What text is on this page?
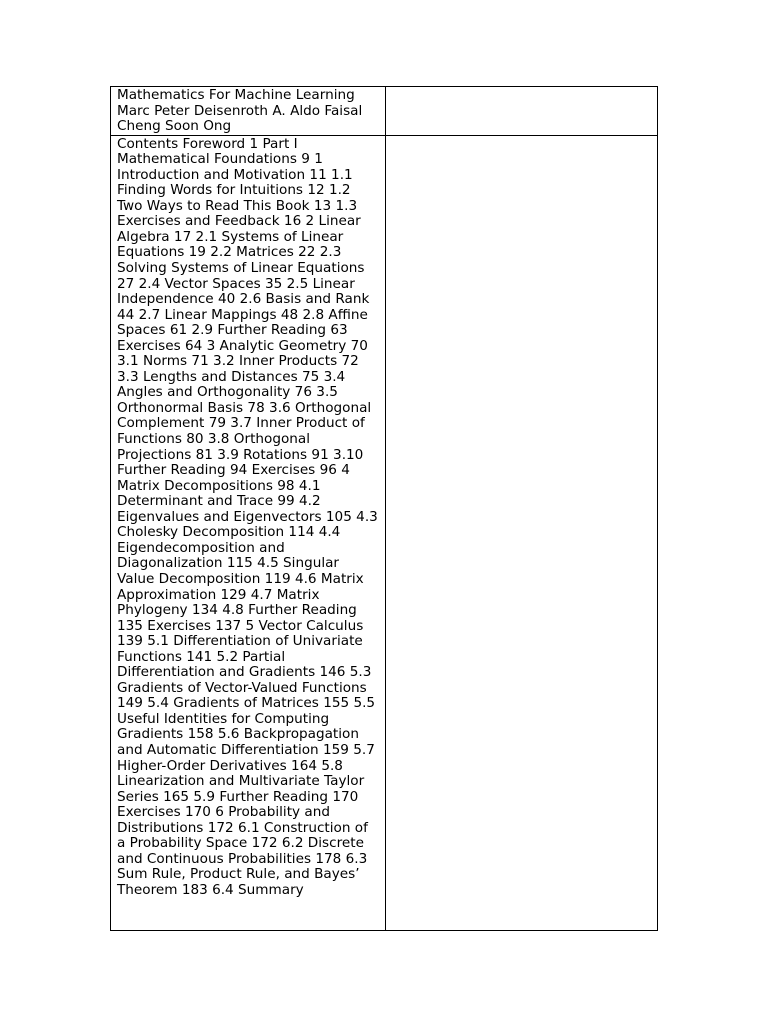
Mathematics For Machine Learning Marc Peter Deisenroth A. Aldo Faisal Cheng Soon Ong	

Contents Foreword 1 Part I Mathematical Foundations 9 1 Introduction and Motivation 11 1.1 Finding Words for Intuitions 12 1.2 Two Ways to Read This Book 13 1.3 Exercises and Feedback 16 2 Linear Algebra 17 2.1 Systems of Linear Equations 19 2.2 Matrices 22 2.3 Solving Systems of Linear Equations 27 2.4 Vector Spaces 35 2.5 Linear Independence 40 2.6 Basis and Rank 44 2.7 Linear Mappings 48 2.8 Affine Spaces 61 2.9 Further Reading 63 Exercises 64 3 Analytic Geometry 70 3.1 Norms 71 3.2 Inner Products 72 3.3 Lengths and Distances 75 3.4 Angles and Orthogonality 76 3.5 Orthonormal Basis 78 3.6 Orthogonal Complement 79 3.7 Inner Product of Functions 80 3.8 Orthogonal Projections 81 3.9 Rotations 91 3.10 Further Reading 94 Exercises 96 4 Matrix Decompositions 98 4.1 Determinant and Trace 99 4.2 Eigenvalues and Eigenvectors 105 4.3 Cholesky Decomposition 114 4.4 Eigendecomposition and Diagonalization 115 4.5 Singular Value Decomposition 119 4.6 Matrix Approximation 129 4.7 Matrix Phylogeny 134 4.8 Further Reading 135 Exercises 137 5 Vector Calculus 139 5.1 Differentiation of Univariate Functions 141 5.2 Partial Differentiation and Gradients 146 5.3 Gradients of Vector-Valued Functions 149 5.4 Gradients of Matrices 155 5.5 Useful Identities for Computing Gradients 158 5.6 Backpropagation and Automatic Differentiation 159 5.7 Higher-Order Derivatives 164 5.8 Linearization and Multivariate Taylor Series 165 5.9 Further Reading 170 Exercises 170 6 Probability and Distributions 172 6.1 Construction of a Probability Space 172 6.2 Discrete and Continuous Probabilities 178 6.3 Sum Rule, Product Rule, and Bayes’ Theorem 183 6.4 Summary	
